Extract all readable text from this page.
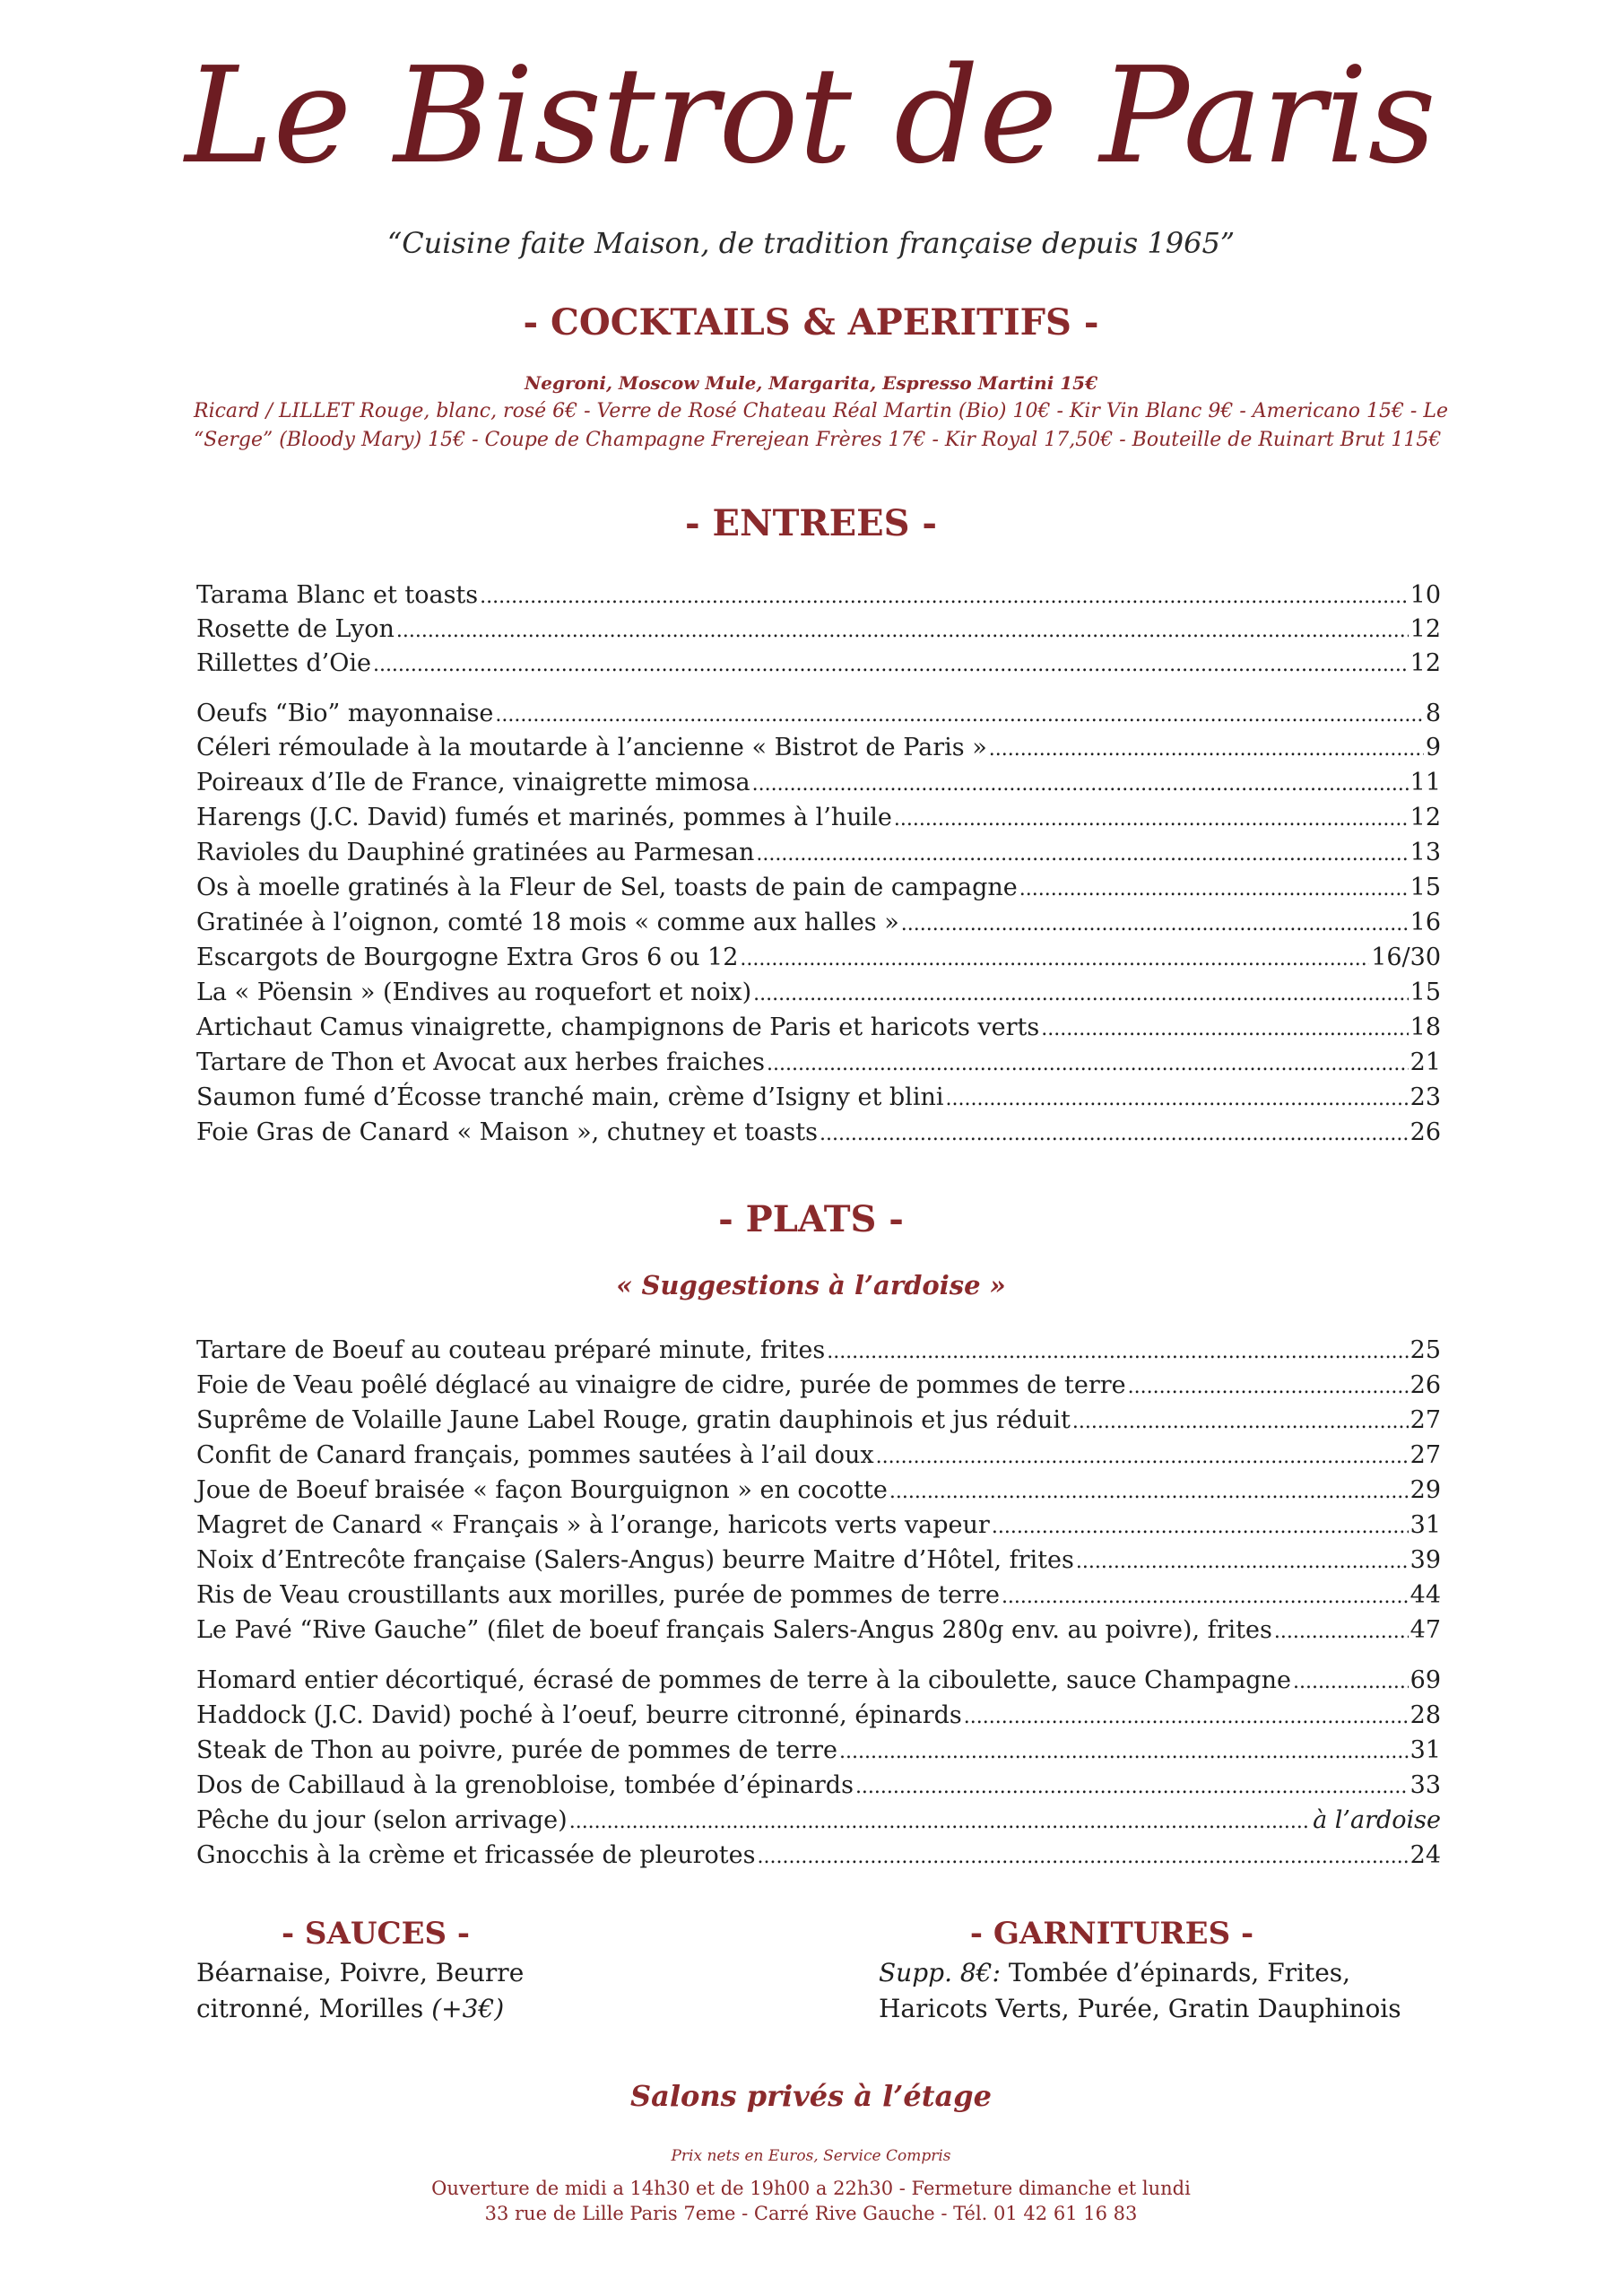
Le Bistrot de Paris
“Cuisine faite Maison, de tradition française depuis 1965”
- COCKTAILS & APERITIFS -
Negroni, Moscow Mule, Margarita, Espresso Martini 15€
Ricard / LILLET Rouge, blanc, rosé 6€ - Verre de Rosé Chateau Réal Martin (Bio) 10€ - Kir Vin Blanc 9€ - Americano 15€ - Le
“Serge” (Bloody Mary) 15€ - Coupe de Champagne Frerejean Frères 17€ - Kir Royal 17,50€ - Bouteille de Ruinart Brut 115€
- ENTREES -
Tarama Blanc et toasts .....	10
Rosette de Lyon .....	12
Rillettes d’Oie .....	12
Oeufs “Bio” mayonnaise .....	8
Céleri rémoulade à la moutarde à l’ancienne « Bistrot de Paris » .....	9
Poireaux d’Ile de France, vinaigrette mimosa .....	11
Harengs (J.C. David) fumés et marinés, pommes à l’huile .....	12
Ravioles du Dauphiné gratinées au Parmesan .....	13
Os à moelle gratinés à la Fleur de Sel, toasts de pain de campagne .....	15
Gratinée à l’oignon, comté 18 mois « comme aux halles » .....	16
Escargots de Bourgogne Extra Gros 6 ou 12 .....	16/30
La « Pöensin » (Endives au roquefort et noix) .....	15
Artichaut Camus vinaigrette, champignons de Paris et haricots verts .....	18
Tartare de Thon et Avocat aux herbes fraiches .....	21
Saumon fumé d’Écosse tranché main, crème d’Isigny et blini .....	23
Foie Gras de Canard « Maison », chutney et toasts .....	26
- PLATS -
« Suggestions à l’ardoise »
Tartare de Boeuf au couteau préparé minute, frites .....	25
Foie de Veau poêlé déglacé au vinaigre de cidre, purée de pommes de terre .....	26
Suprême de Volaille Jaune Label Rouge, gratin dauphinois et jus réduit .....	27
Confit de Canard français, pommes sautées à l’ail doux .....	27
Joue de Boeuf braisée « façon Bourguignon » en cocotte .....	29
Magret de Canard « Français » à l’orange, haricots verts vapeur .....	31
Noix d’Entrecôte française (Salers-Angus) beurre Maitre d’Hôtel, frites .....	39
Ris de Veau croustillants aux morilles, purée de pommes de terre .....	44
Le Pavé “Rive Gauche” (filet de boeuf français Salers-Angus 280g env. au poivre), frites .....	47
Homard entier décortiqué, écrasé de pommes de terre à la ciboulette, sauce Champagne .....	69
Haddock (J.C. David) poché à l’oeuf, beurre citronné, épinards .....	28
Steak de Thon au poivre, purée de pommes de terre .....	31
Dos de Cabillaud à la grenobloise, tombée d’épinards .....	33
Pêche du jour (selon arrivage) .....	à l’ardoise
Gnocchis à la crème et fricassée de pleurotes .....	24
- SAUCES -
Béarnaise, Poivre, Beurre
citronné, Morilles (+3€)
- GARNITURES -
Supp. 8€: Tombée d’épinards, Frites,
Haricots Verts, Purée, Gratin Dauphinois
Salons privés à l’étage
Prix nets en Euros, Service Compris
Ouverture de midi a 14h30 et de 19h00 a 22h30 - Fermeture dimanche et lundi
33 rue de Lille Paris 7eme - Carré Rive Gauche - Tél. 01 42 61 16 83
